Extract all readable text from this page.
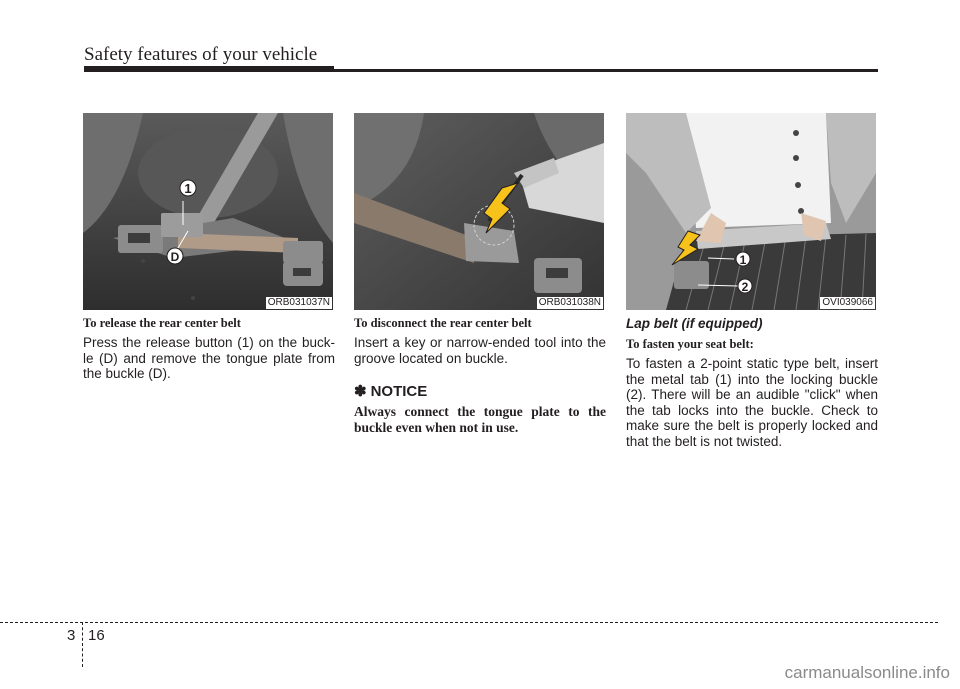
Safety features of your vehicle
1
D
ORB031037N	ORB031038N
1
2
OVI039066

To release the rear center belt

Press the release button (1) on the buck-le (D) and remove the tongue plate from the buckle (D).

To disconnect the rear center belt

Insert a key or narrow-ended tool into the groove located on buckle.

✽ NOTICE

Always connect the tongue plate to the buckle even when not in use.

Lap belt (if equipped)

To fasten your seat belt:

To fasten a 2-point static type belt, insert the metal tab (1) into the locking buckle (2). There will be an audible "click" when the tab locks into the buckle. Check to make sure the belt is properly locked and that the belt is not twisted.

3 16
carmanualsonline.info
